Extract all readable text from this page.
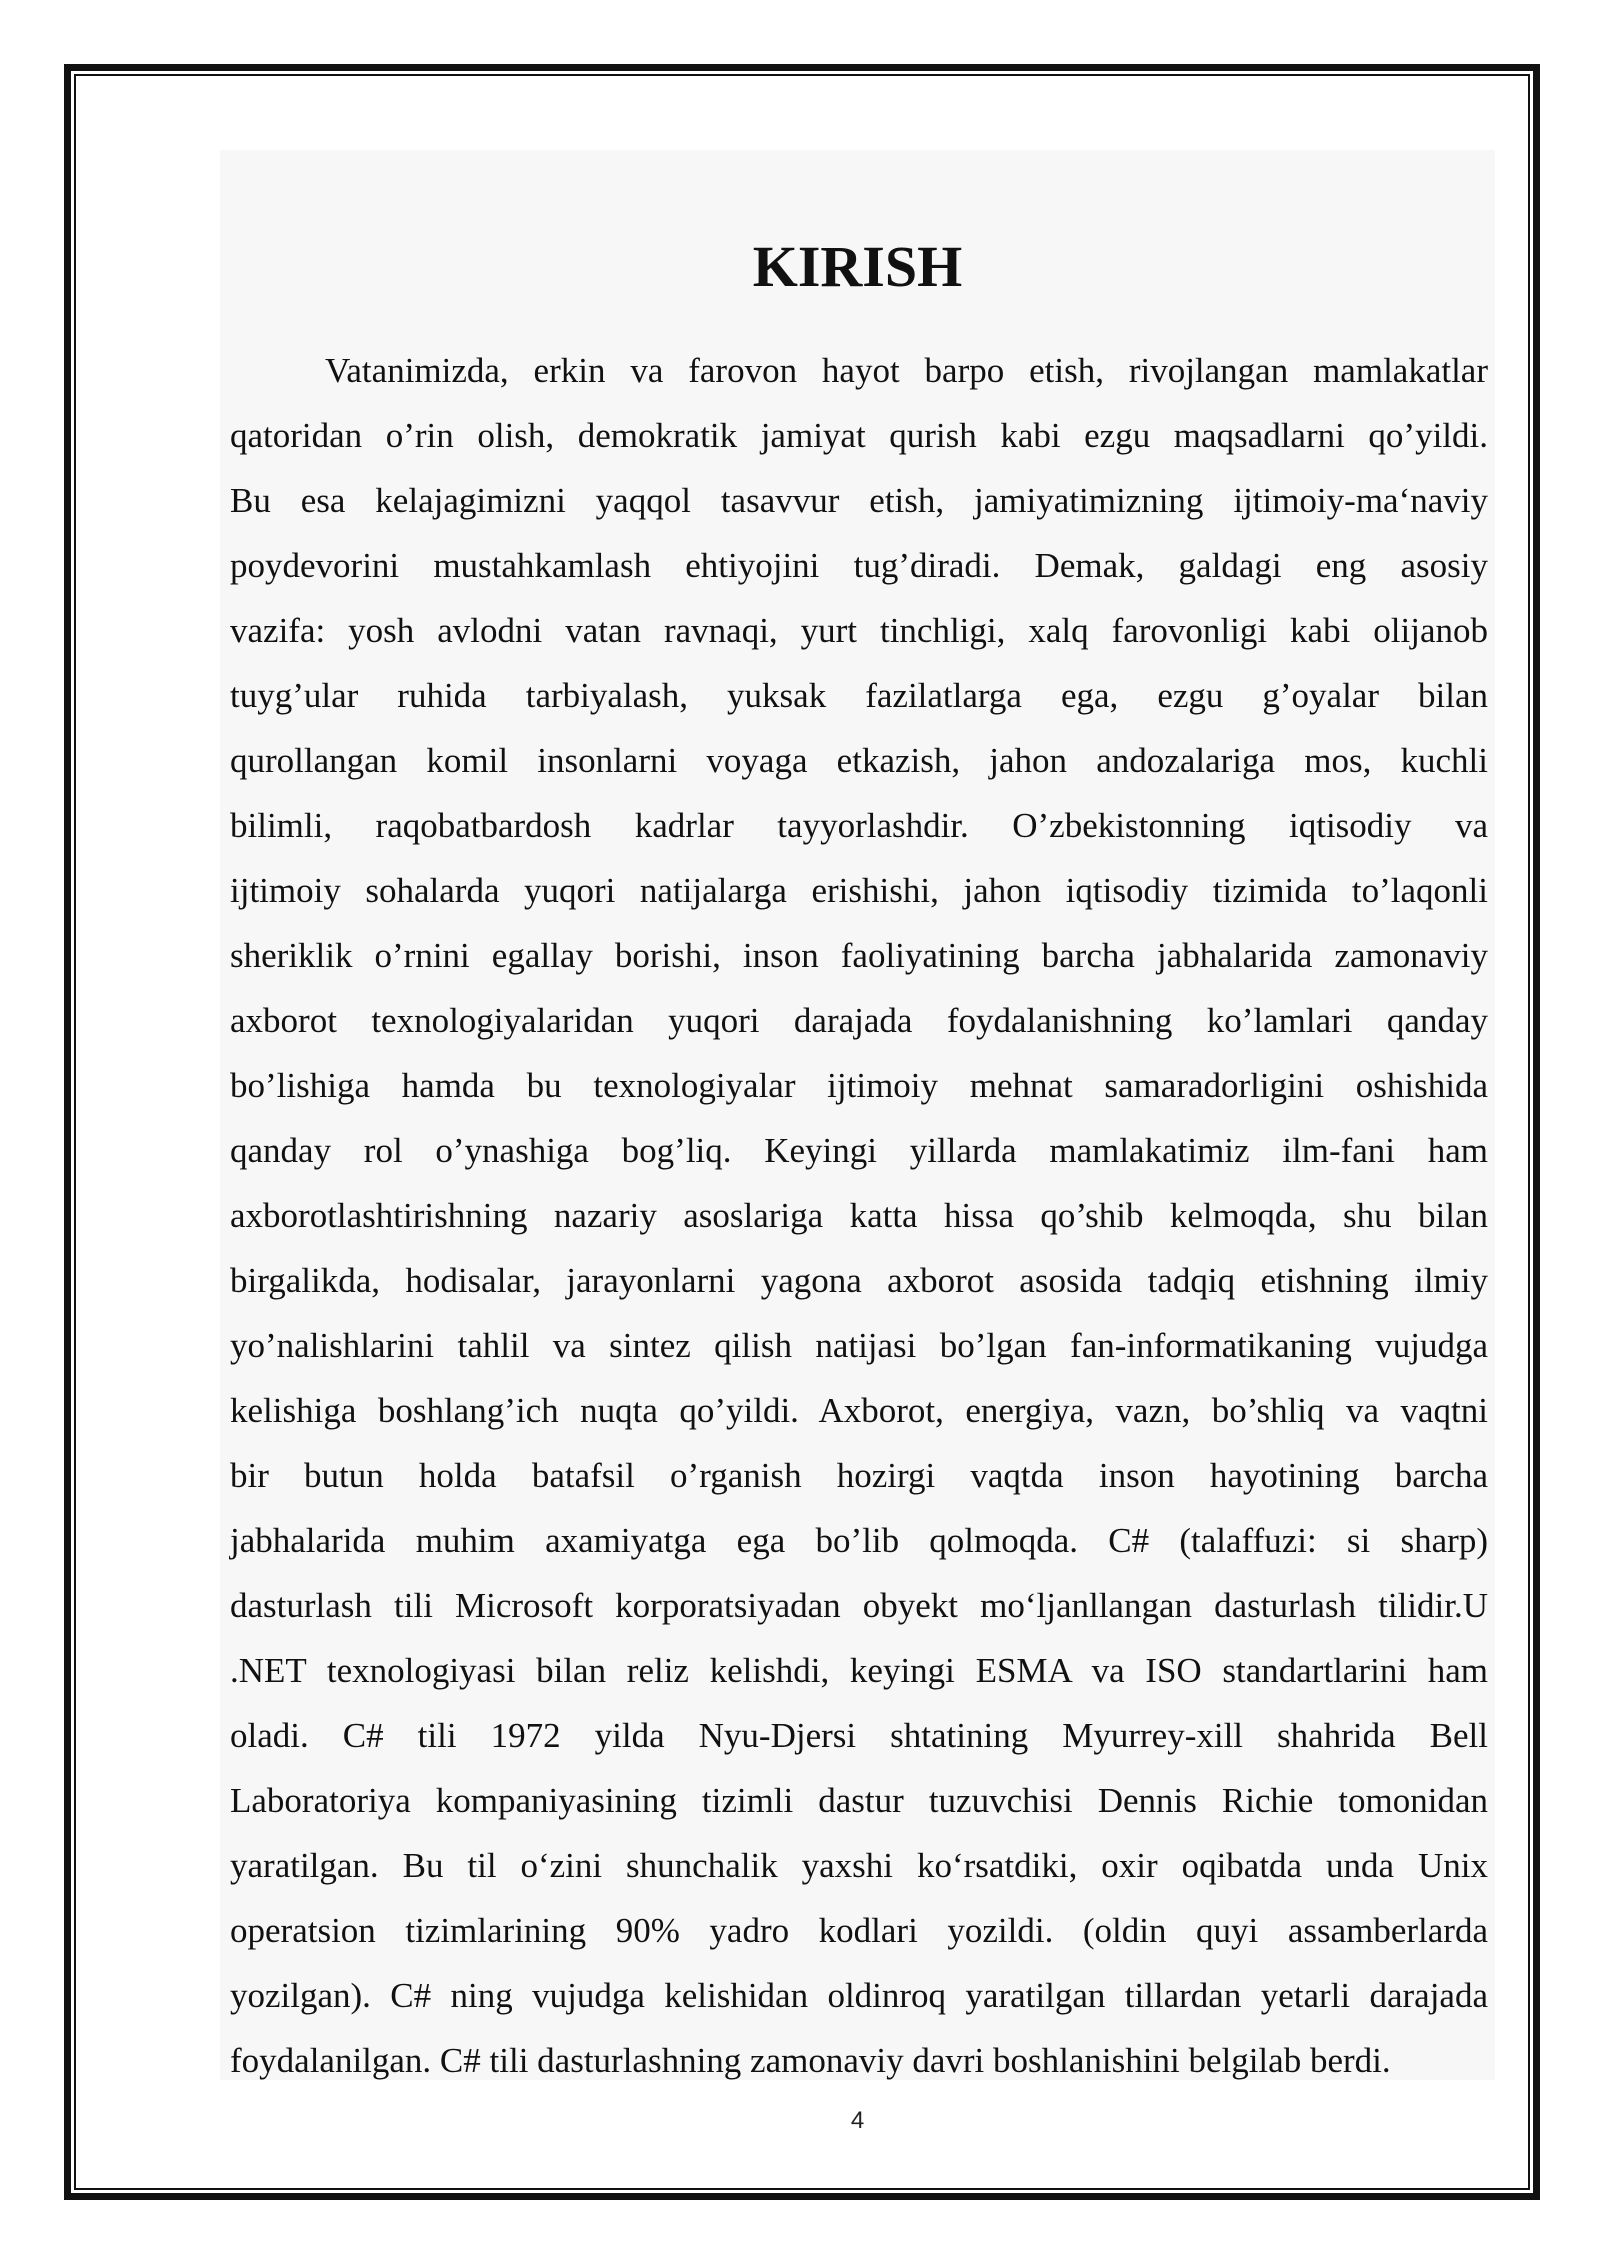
KIRISH
Vatanimizda, erkin va farovon hayot barpo etish, rivojlangan mamlakatlar
qatoridan o’rin olish, demokratik jamiyat qurish kabi ezgu maqsadlarni qo’yildi.
Bu esa kelajagimizni yaqqol tasavvur etish, jamiyatimizning ijtimoiy-ma‘naviy
poydevorini mustahkamlash ehtiyojini tug’diradi. Demak, galdagi eng asosiy
vazifa: yosh avlodni vatan ravnaqi, yurt tinchligi, xalq farovonligi kabi olijanob
tuyg’ular ruhida tarbiyalash, yuksak fazilatlarga ega, ezgu g’oyalar bilan
qurollangan komil insonlarni voyaga etkazish, jahon andozalariga mos, kuchli
bilimli, raqobatbardosh kadrlar tayyorlashdir. O’zbekistonning iqtisodiy va
ijtimoiy sohalarda yuqori natijalarga erishishi, jahon iqtisodiy tizimida to’laqonli
sheriklik o’rnini egallay borishi, inson faoliyatining barcha jabhalarida zamonaviy
axborot texnologiyalaridan yuqori darajada foydalanishning ko’lamlari qanday
bo’lishiga hamda bu texnologiyalar ijtimoiy mehnat samaradorligini oshishida
qanday rol o’ynashiga bog’liq. Keyingi yillarda mamlakatimiz ilm-fani ham
axborotlashtirishning nazariy asoslariga katta hissa qo’shib kelmoqda, shu bilan
birgalikda, hodisalar, jarayonlarni yagona axborot asosida tadqiq etishning ilmiy
yo’nalishlarini tahlil va sintez qilish natijasi bo’lgan fan-informatikaning vujudga
kelishiga boshlang’ich nuqta qo’yildi. Axborot, energiya, vazn, bo’shliq va vaqtni
bir butun holda batafsil o’rganish hozirgi vaqtda inson hayotining barcha
jabhalarida muhim axamiyatga ega bo’lib qolmoqda. C# (talaffuzi: si sharp)
dasturlash tili Microsoft korporatsiyadan obyekt mo‘ljanllangan dasturlash tilidir.U
.NET texnologiyasi bilan reliz kelishdi, keyingi ESMA va ISO standartlarini ham
oladi. C# tili 1972 yilda Nyu-Djersi shtatining Myurrey-xill shahrida Bell
Laboratoriya kompaniyasining tizimli dastur tuzuvchisi Dennis Richie tomonidan
yaratilgan. Bu til o‘zini shunchalik yaxshi ko‘rsatdiki, oxir oqibatda unda Unix
operatsion tizimlarining 90% yadro kodlari yozildi. (oldin quyi assamberlarda
yozilgan). C# ning vujudga kelishidan oldinroq yaratilgan tillardan yetarli darajada
foydalanilgan. C# tili dasturlashning zamonaviy davri boshlanishini belgilab berdi.
4
